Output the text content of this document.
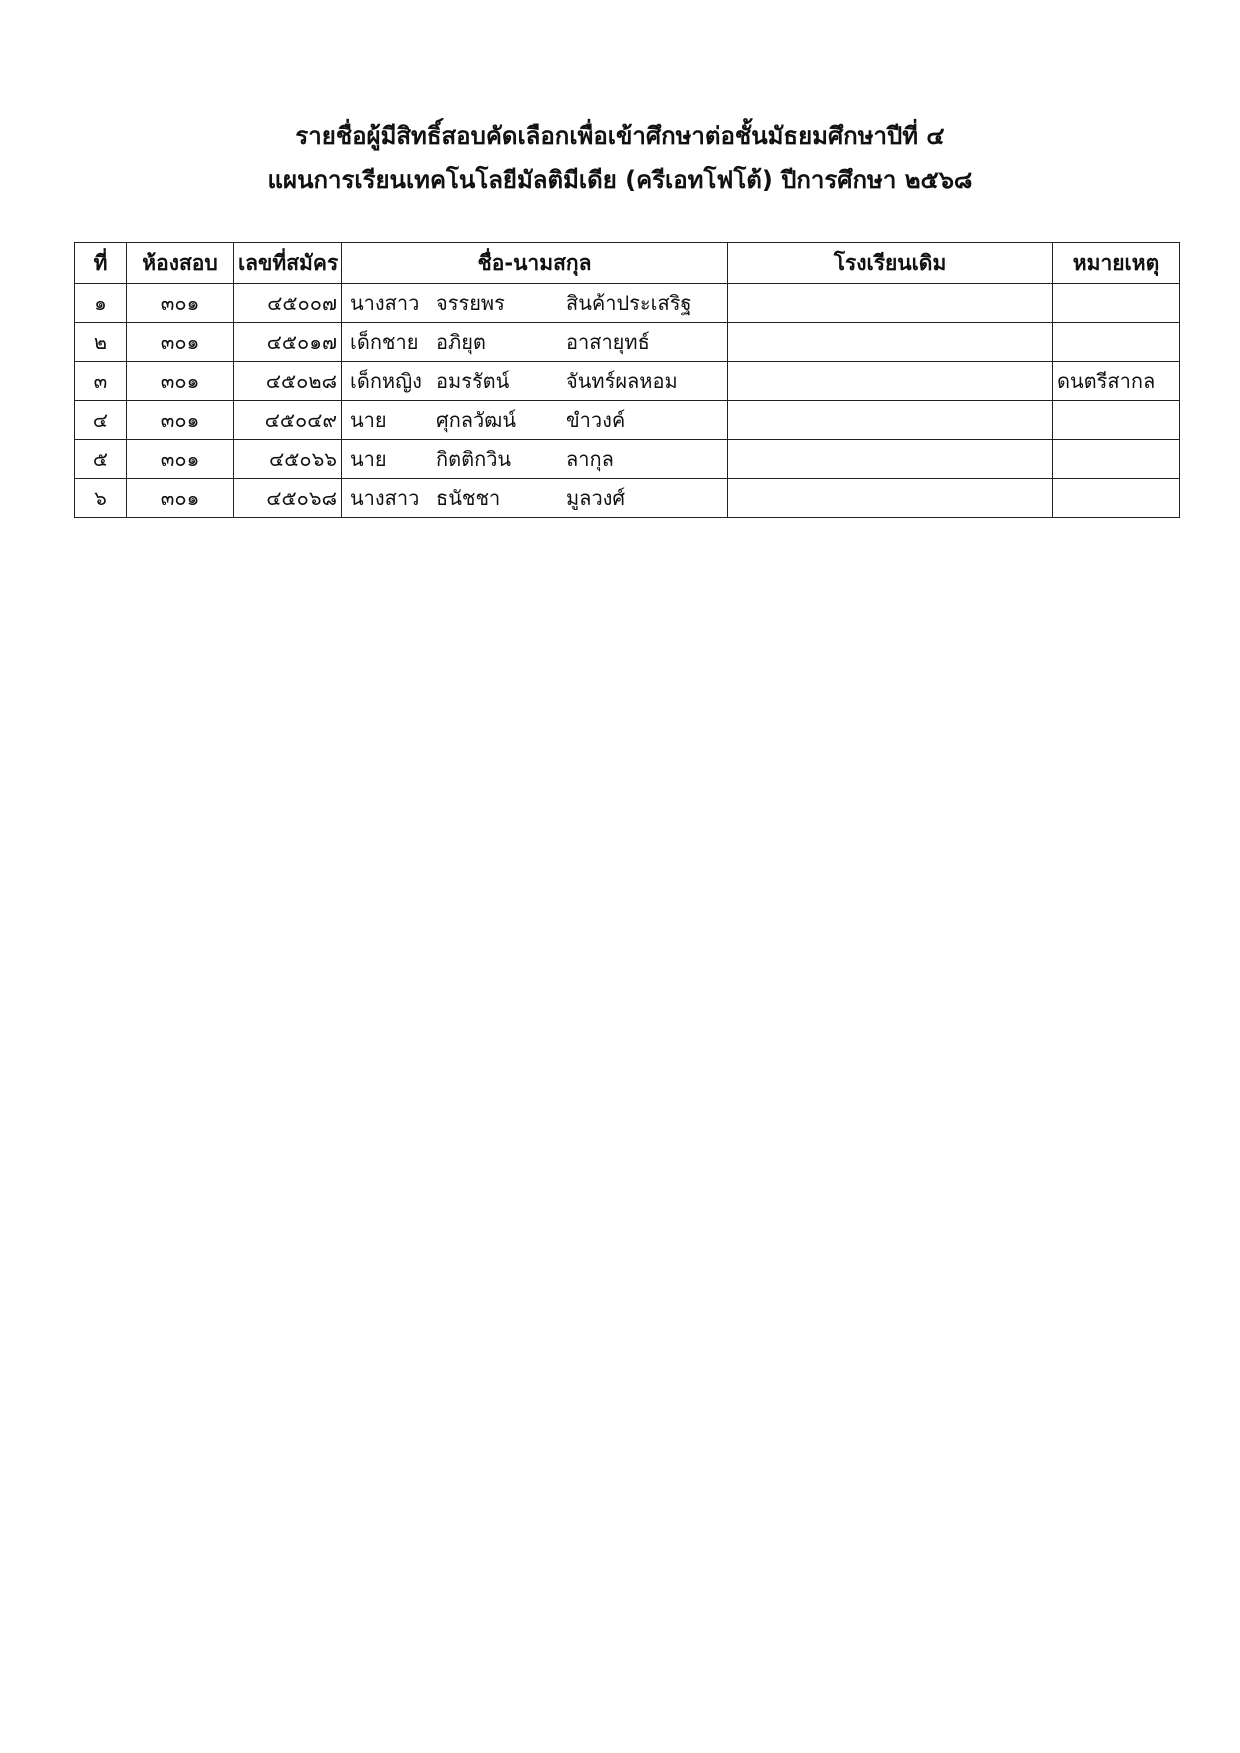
รายชื่อผู้มีสิทธิ์สอบคัดเลือกเพื่อเข้าศึกษาต่อชั้นมัธยมศึกษาปีที่ ๔
แผนการเรียนเทคโนโลยีมัลติมีเดีย (ครีเอทโฟโต้) ปีการศึกษา ๒๕๖๘
ที่	ห้องสอบ	เลขที่สมัคร	ชื่อ-นามสกุล	โรงเรียนเดิม	หมายเหตุ
๑	๓๐๑	๔๕๐๐๗	นางสาว จรรยพร สินค้าประเสริฐ		

๒	๓๐๑	๔๕๐๑๗	เด็กชาย อภิยุต อาสายุทธ์		

๓	๓๐๑	๔๕๐๒๘	เด็กหญิง อมรรัตน์ จันทร์ผลหอม		ดนตรีสากล
๔	๓๐๑	๔๕๐๔๙	นาย ศุกลวัฒน์ ขำวงค์		

๕	๓๐๑	๔๕๐๖๖	นาย กิตติกวิน ลากุล		

๖	๓๐๑	๔๕๐๖๘	นางสาว ธนัชชา มูลวงศ์		
